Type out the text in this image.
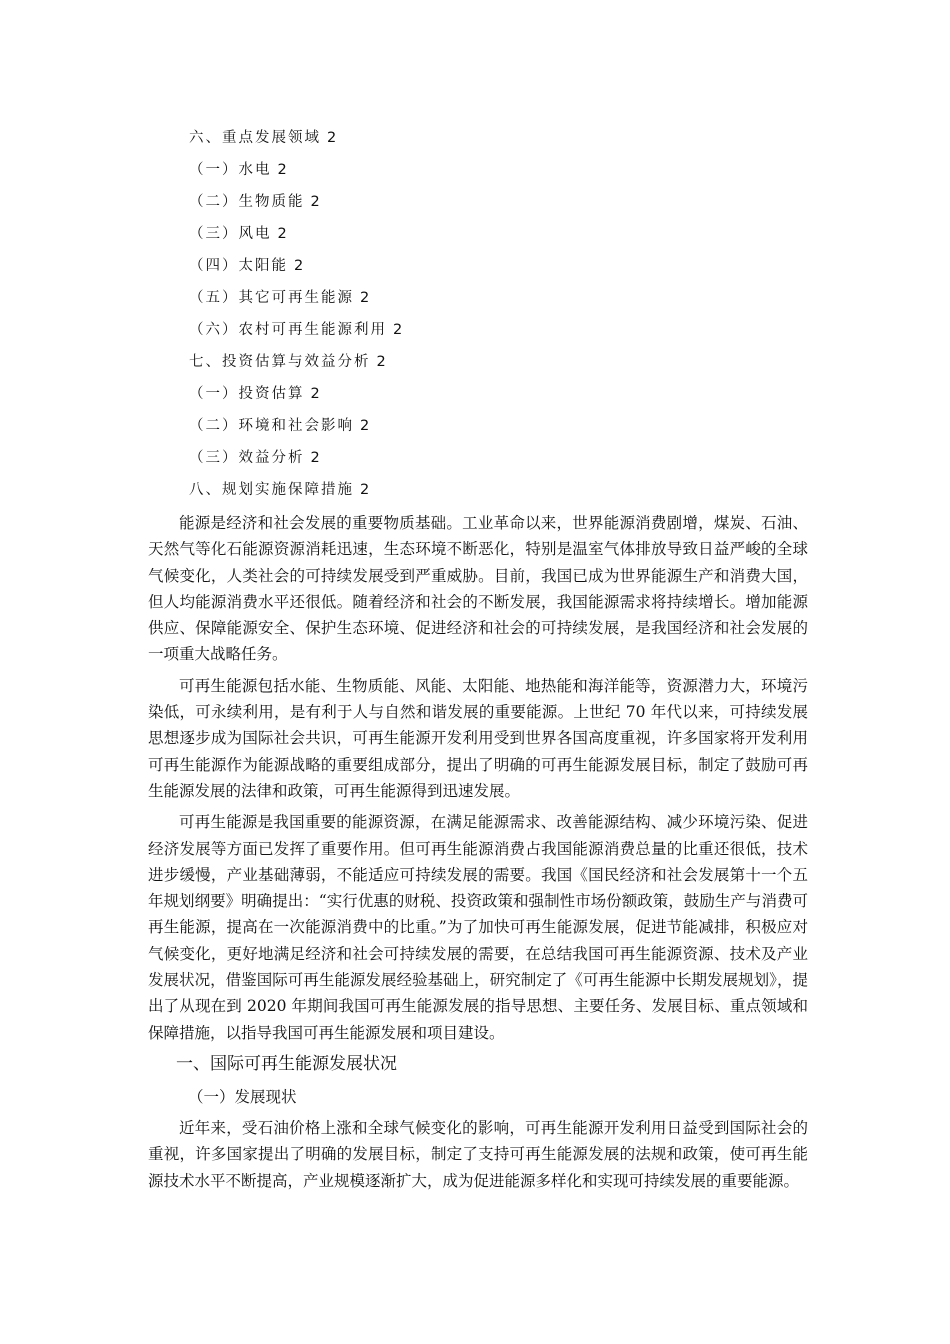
六、重点发展领域 2
（一）水电 2
（二）生物质能 2
（三）风电 2
（四）太阳能 2
（五）其它可再生能源 2
（六）农村可再生能源利用 2
七、投资估算与效益分析 2
（一）投资估算 2
（二）环境和社会影响 2
（三）效益分析 2
八、规划实施保障措施 2

能源是经济和社会发展的重要物质基础。工业革命以来，世界能源消费剧增，煤炭、石油、天然气等化石能源资源消耗迅速，生态环境不断恶化，特别是温室气体排放导致日益严峻的全球气候变化，人类社会的可持续发展受到严重威胁。目前，我国已成为世界能源生产和消费大国，但人均能源消费水平还很低。随着经济和社会的不断发展，我国能源需求将持续增长。增加能源供应、保障能源安全、保护生态环境、促进经济和社会的可持续发展，是我国经济和社会发展的一项重大战略任务。

可再生能源包括水能、生物质能、风能、太阳能、地热能和海洋能等，资源潜力大，环境污染低，可永续利用，是有利于人与自然和谐发展的重要能源。上世纪 70 年代以来，可持续发展思想逐步成为国际社会共识，可再生能源开发利用受到世界各国高度重视，许多国家将开发利用可再生能源作为能源战略的重要组成部分，提出了明确的可再生能源发展目标，制定了鼓励可再生能源发展的法律和政策，可再生能源得到迅速发展。

可再生能源是我国重要的能源资源，在满足能源需求、改善能源结构、减少环境污染、促进经济发展等方面已发挥了重要作用。但可再生能源消费占我国能源消费总量的比重还很低，技术进步缓慢，产业基础薄弱，不能适应可持续发展的需要。我国《国民经济和社会发展第十一个五年规划纲要》明确提出：“实行优惠的财税、投资政策和强制性市场份额政策，鼓励生产与消费可再生能源，提高在一次能源消费中的比重。”为了加快可再生能源发展，促进节能减排，积极应对气候变化，更好地满足经济和社会可持续发展的需要，在总结我国可再生能源资源、技术及产业发展状况，借鉴国际可再生能源发展经验基础上，研究制定了《可再生能源中长期发展规划》，提出了从现在到 2020 年期间我国可再生能源发展的指导思想、主要任务、发展目标、重点领域和保障措施，以指导我国可再生能源发展和项目建设。

一、国际可再生能源发展状况
（一）发展现状

近年来，受石油价格上涨和全球气候变化的影响，可再生能源开发利用日益受到国际社会的重视，许多国家提出了明确的发展目标，制定了支持可再生能源发展的法规和政策，使可再生能源技术水平不断提高，产业规模逐渐扩大，成为促进能源多样化和实现可持续发展的重要能源。
